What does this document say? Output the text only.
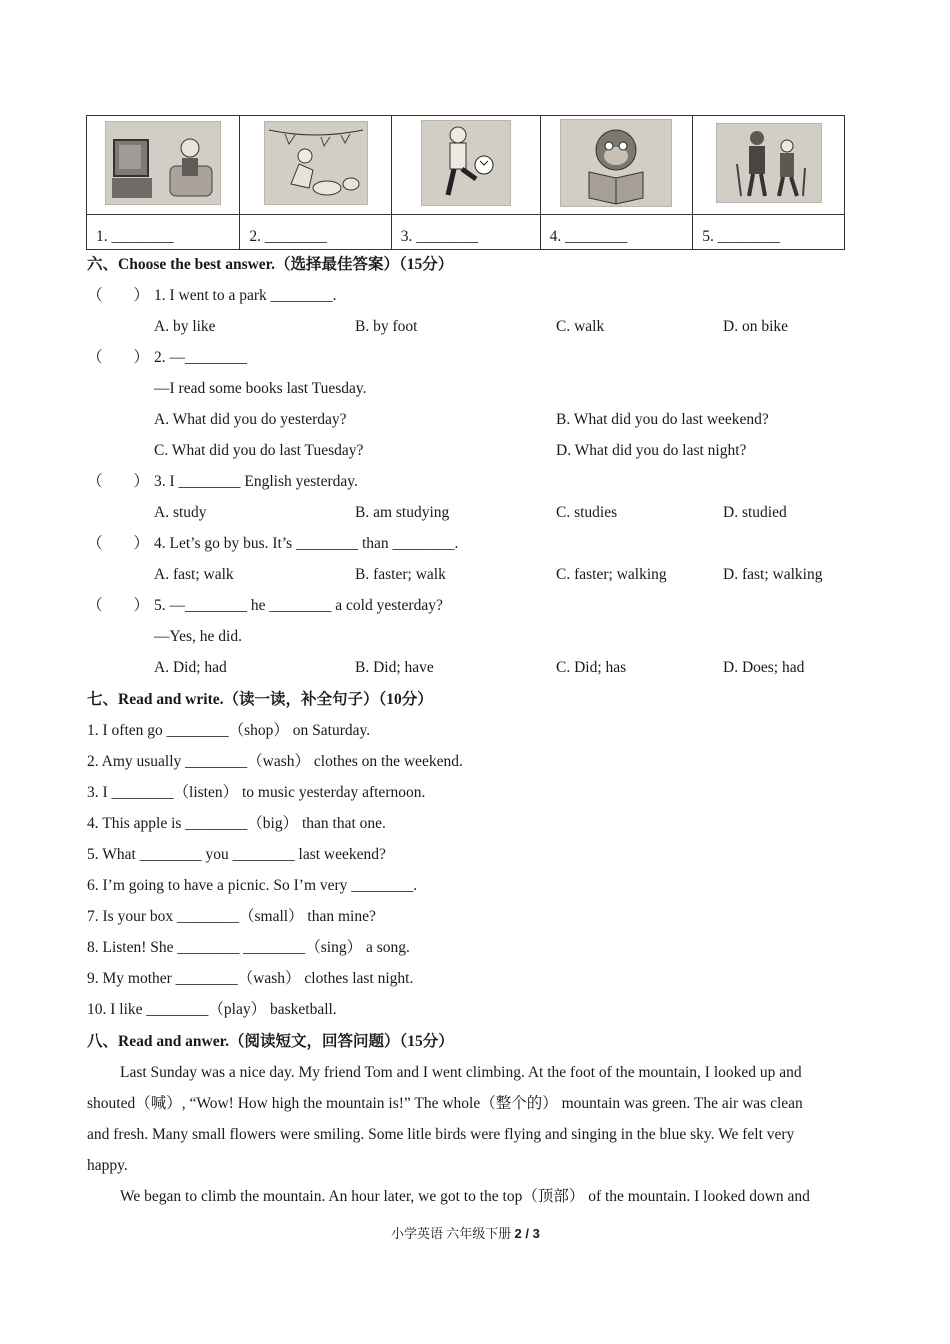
1. ________	2. ________	3. ________	4. ________	5. ________
六、Choose the best answer.（选择最佳答案）（15分）
（　　） 1. I went to a park ________.
A. by like	B. by foot	C. walk	D. on bike
（　　） 2. —________
—I read some books last Tuesday.
A. What did you do yesterday?	B. What did you do last weekend?
C. What did you do last Tuesday?	D. What did you do last night?
（　　） 3. I ________ English yesterday.
A. study	B. am studying	C. studies	D. studied
（　　） 4. Let’s go by bus. It’s ________ than ________.
A. fast; walk	B. faster; walk	C. faster; walking	D. fast; walking
（　　） 5. —________ he ________ a cold yesterday?
—Yes, he did.
A. Did; had	B. Did; have	C. Did; has	D. Does; had
七、Read and write.（读一读，补全句子）（10分）
1. I often go ________（shop） on Saturday.
2. Amy usually ________（wash） clothes on the weekend.
3. I ________（listen） to music yesterday afternoon.
4. This apple is ________（big） than that one.
5. What ________ you ________ last weekend?
6. I’m going to have a picnic. So I’m very ________.
7. Is your box ________（small） than mine?
8. Listen! She ________ ________（sing） a song.
9. My mother ________（wash） clothes last night.
10. I like ________（play） basketball.
八、Read and anwer.（阅读短文，回答问题）（15分）
Last Sunday was a nice day. My friend Tom and I went climbing. At the foot of the mountain, I looked up and
shouted（喊）, “Wow! How high the mountain is!” The whole（整个的） mountain was green. The air was clean
and fresh. Many small flowers were smiling. Some litle birds were flying and singing in the blue sky. We felt very
happy.
We began to climb the mountain. An hour later, we got to the top（顶部） of the mountain. I looked down and
小学英语 六年级下册 2 / 3
